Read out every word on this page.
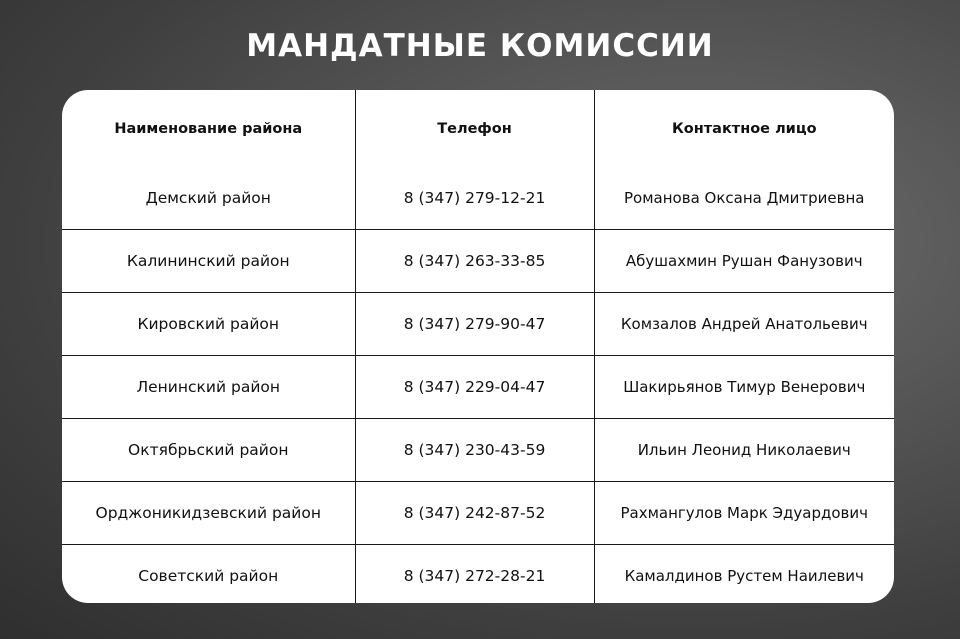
МАНДАТНЫЕ КОМИССИИ
Наименование района	Телефон	Контактное лицо
Демский район	8 (347) 279-12-21	Романова Оксана Дмитриевна
Калининский район	8 (347) 263-33-85	Абушахмин Рушан Фанузович
Кировский район	8 (347) 279-90-47	Комзалов Андрей Анатольевич
Ленинский район	8 (347) 229-04-47	Шакирьянов Тимур Венерович
Октябрьский район	8 (347) 230-43-59	Ильин Леонид Николаевич
Орджоникидзевский район	8 (347) 242-87-52	Рахмангулов Марк Эдуардович
Советский район	8 (347) 272-28-21	Камалдинов Рустем Наилевич
